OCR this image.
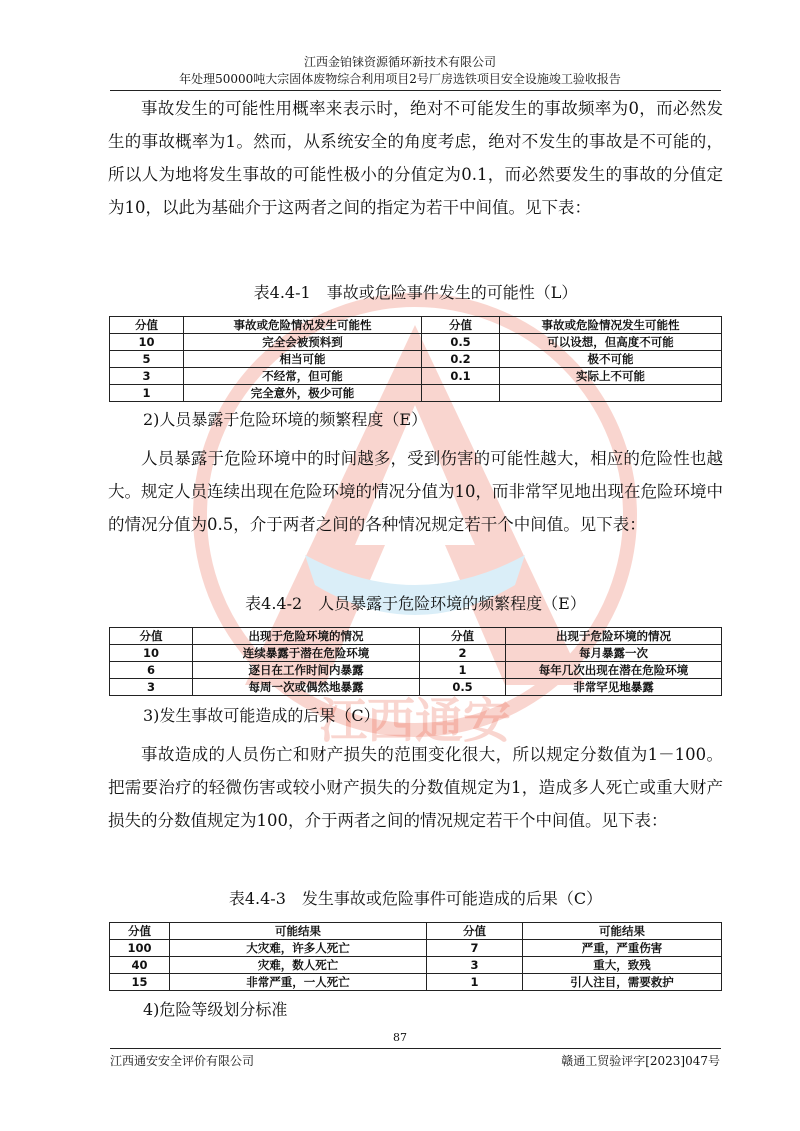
江西金铂铼资源循环新技术有限公司
年处理50000吨大宗固体废物综合利用项目2号厂房选铁项目安全设施竣工验收报告
江西通安
事故发生的可能性用概率来表示时，绝对不可能发生的事故频率为0，而必然发生的事故概率为1。然而，从系统安全的角度考虑，绝对不发生的事故是不可能的，所以人为地将发生事故的可能性极小的分值定为0.1，而必然要发生的事故的分值定为10，以此为基础介于这两者之间的指定为若干中间值。见下表：
表4.4-1　事故或危险事件发生的可能性（L）
分值	事故或危险情况发生可能性	分值	事故或危险情况发生可能性
10	完全会被预料到	0.5	可以设想，但高度不可能
5	相当可能	0.2	极不可能
3	不经常，但可能	0.1	实际上不可能
1	完全意外，极少可能		
2)人员暴露于危险环境的频繁程度（E）
人员暴露于危险环境中的时间越多，受到伤害的可能性越大，相应的危险性也越大。规定人员连续出现在危险环境的情况分值为10，而非常罕见地出现在危险环境中的情况分值为0.5，介于两者之间的各种情况规定若干个中间值。见下表：
表4.4-2　人员暴露于危险环境的频繁程度（E）
分值	出现于危险环境的情况	分值	出现于危险环境的情况
10	连续暴露于潜在危险环境	2	每月暴露一次
6	逐日在工作时间内暴露	1	每年几次出现在潜在危险环境
3	每周一次或偶然地暴露	0.5	非常罕见地暴露
3)发生事故可能造成的后果（C）
事故造成的人员伤亡和财产损失的范围变化很大，所以规定分数值为1－100。把需要治疗的轻微伤害或较小财产损失的分数值规定为1，造成多人死亡或重大财产损失的分数值规定为100，介于两者之间的情况规定若干个中间值。见下表：
表4.4-3　发生事故或危险事件可能造成的后果（C）
分值	可能结果	分值	可能结果
100	大灾难，许多人死亡	7	严重，严重伤害
40	灾难，数人死亡	3	重大，致残
15	非常严重，一人死亡	1	引人注目，需要救护
4)危险等级划分标准
87
江西通安安全评价有限公司	赣通工贸验评字[2023]047号
